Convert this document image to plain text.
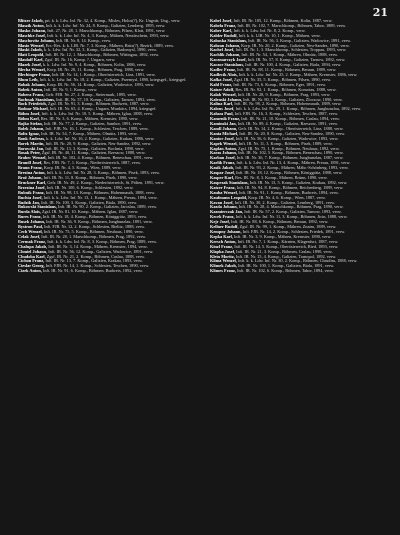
21

Blitzer Jakob, pri. k. k. Ldw. Inf. Nr. 32, 4. Komp., Misles, Holos(?), Kr. Ungvár, Ung., verw.

Blaszik Anton, Inft. k. k. Ldw. Inf. Nr. 24, 8. Komp., Galizien, Lemberg, 1895, verw.

Blasko Johann, Inft. 27, Nr. 28, 1. Marschkomp., Böhmen, Pilsen, Klatt, 1891, verw.

Blaschke Josef, Inft. k. k. Ldw. Inf. Nr. 4, 3. Komp., Mähren, Neutitschein, 1893, verw.

Blaschovitz Johann, Inft. IR. Nr. 8, 14. Komp., verw.

Blasio Wenzel, Ers.-Res. k. k. LIR. Nr. 7, 3. Komp., Mähren, Brüx(?), Bezirk, 1889, verw.

Blaski Jakob, k. k. Ldw. Inf. Nr. 32, 3. Komp., Galizien, Radomysl, 1890, verw.

Blatt Leopold, Inft. IR. Nr. 12, 1. Marschkomp., Böhmen, Wittingau, 1892, verw.

Blaulaff Karl, Zgsf. IR. Nr. 16, Komp. ?, Ungarn, verw.

Blazek Josef, k. k. Ldw. Inf. Nr. 9, 4. Komp., Böhmen, Kolin, 1886, verw.

Blecha Wenzel, Korp. IR. Nr. 28, 11. Komp., Böhmen, Prag, 1888, verw.

Blechinger Franz, Inft. IR. Nr. 14, 1. Komp., Oberösterreich, Linz, 1891, verw.

Blum Leib, Inft. k. k. Ldw. Inf. Nr. 18, 2. Komp., Galizien, Przemysl, 1890, kriegsgef., kriegsgef.

Bobak Johann, Korp. IR. Nr. 56, 14. Komp., Galizien, Wadowice, 1893, verw.

Bobek Anton, Inft. IR. Nr. 9, 1. Komp., verw.

Bobera Franz, Gefr. FJB. Nr. 27, 2. Komp., Steiermark, 1895, verw.

Bochnak Stanislaus, Inft. IR. Nr. 57, 10. Komp., Galizien, Tarnow, 1892, verw.

Bock Friedrich, Zgsf. IR. Nr. 91, 3. Komp., Böhmen, Budweis, 1887, verw.

Bodnar Michael, Inft. IR. Nr. 65, 4. Komp., Ungarn, Munkács, 1894, kriegsgef.

Böhm Josef, Inft. k. k. Ldw. Inf. Nr. 10, 5. Komp., Mähren, Iglau, 1888, verw.

Böhm Karl, Res. IR. Nr. 3, 6. Komp., Mähren, Kremsier, 1890, verw.

Bojko Stefan, Inft. IR. Nr. 77, 2. Komp., Galizien, Sambor, 1891, verw.

Bolek Johann, Inft. FJB. Nr. 16, 1. Komp., Schlesien, Teschen, 1889, verw.

Boltz Ignaz, Inft. IR. Nr. 54, 7. Komp., Mähren, Olmütz, 1893, verw.

Bonk Andreas, k. k. Ldw. Inf. Nr. 16, 2. Komp., Galizien, Krakau, 1886, verw.

Borek Martin, Inft. IR. Nr. 20, 9. Komp., Galizien, Neu-Sandez, 1892, verw.

Borowski Jan, Inft. IR. Nr. 13, 3. Komp., Galizien, Bochnia, 1890, verw.

Bosak Peter, Zgsf. IR. Nr. 40, 11. Komp., Galizien, Rzeszow, 1888, verw.

Brabec Wenzel, Inft. IR. Nr. 102, 4. Komp., Böhmen, Beneschau, 1891, verw.

Brandl Josef, Res. FJB. Nr. 7, 1. Komp., Niederösterreich, 1887, verw.

Braun Franz, Korp. IR. Nr. 4, 5. Komp., Wien, 1889, verw.

Brezina Anton, Inft. k. k. Ldw. Inf. Nr. 28, 3. Komp., Böhmen, Pisek, 1893, verw.

Brož Johann, Inft. IR. Nr. 11, 8. Komp., Böhmen, Pisek, 1890, verw.

Bruckner Karl, Gefr. IR. Nr. 49, 2. Komp., Niederösterreich, St. Pölten, 1891, verw.

Brzezina Josef, Inft. IR. Nr. 100, 6. Komp., Schlesien, 1892, verw.

Bubnik Franz, Inft. IR. Nr. 98, 13. Komp., Böhmen, Hohenmauth, 1888, verw.

Buchta Josef, Inft. k. k. Ldw. Inf. Nr. 13, 1. Komp., Mähren, Prerau, 1894, verw.

Budzik Jan, Inft. IR. Nr. 100, 3. Komp., Galizien, Biala, 1890, verw.

Bukowski Stanislaus, Inft. IR. Nr. 90, 2. Komp., Galizien, Jaroslau, 1889, verw.

Burda Alois, Zgsf. IR. Nr. 81, 10. Komp., Mähren, Iglau, 1887, verw.

Bures Franz, Inft. IR. Nr. 18, 4. Komp., Böhmen, Königgrätz, 1893, verw.

Busek Johann, Inft. IR. Nr. 36, 9. Komp., Böhmen, Jungbunzlau, 1891, verw.

Bystron Paul, Inft. FJB. Nr. 12, 2. Komp., Schlesien, Bielitz, 1888, verw.

Cech Wenzel, Inft. IR. Nr. 75, 5. Komp., Böhmen, Neuhaus, 1890, verw.

Celak Josef, Inft. IR. Nr. 28, 1. Marschkomp., Böhmen, Prag, 1892, verw.

Cermak Franz, Inft. k. k. Ldw. Inf. Nr. 8, 3. Komp., Böhmen, Prag, 1889, verw.

Chalupa Jakob, Inft. IR. Nr. 3, 14. Komp., Mähren, Kremsier, 1894, verw.

Chmiel Johann, Inft. IR. Nr. 56, 12. Komp., Galizien, Wadowice, 1891, verw.

Chudoba Karl, Zgsf. IR. Nr. 21, 2. Komp., Böhmen, Caslau, 1888, verw.

Cichon Franz, Inft. IR. Nr. 13, 7. Komp., Galizien, Krakau, 1893, verw.

Cieslar Georg, Inft. FJB. Nr. 14, 1. Komp., Schlesien, Teschen, 1890, verw.

Cizek Anton, Inft. IR. Nr. 91, 6. Komp., Böhmen, Budweis, 1892, verw.

Kabel Josef, Inft. IR. Nr. 105, 12. Komp., Böhmen, Kolin, 1887, verw.

Kabela Franz, Inft. IR. Nr. 102, 7. Marschkomp., Böhmen, Tabor, 1889, verw.

Kaber Karl, Inft. k. k. Ldw. Inf. Nr. 8, 2. Komp., verw.

Kabler Rudolf, Inft. k. k. LIR. Nr. 10, 1. Komp., Mähren, verw.

Kaboska Stanislaus, Inft. IR. Nr. 56, 3. Komp., Galizien, Wadowice, 1891, verw.

Kabzan Johann, Korp. IR. Nr. 20, 2. Komp., Galizien, Neu-Sandez, 1890, verw.

Kachel Josef, Inft. IR. Nr. 1, 3. Marschkomp., Schlesien, Troppau, 1893, verw.

Kachlik Johann, Inft. IR. Nr. 54, 1. Komp., Mähren, Olmütz, 1888, verw.

Kaczmarczyk Josef, Inft. IR. Nr. 57, 8. Komp., Galizien, Tarnow, 1892, verw.

Kaczor Stanislaus, Inft. IR. Nr. 100, 4. Komp., Galizien, Biala, 1894, verw.

Kadlec Franz, Inft. IR. Nr. 88, 11. Komp., Böhmen, Beraun, 1889, verw.

Kadlecik Alois, Inft. k. k. Ldw. Inf. Nr. 25, 2. Komp., Mähren, Kremsier, 1886, verw.

Kafka Josef, Zgsf. IR. Nr. 35, 5. Komp., Böhmen, Pilsen, 1890, verw.

Kahl Franz, Inft. IR. Nr. 73, 6. Komp., Böhmen, Eger, 1891, verw.

Kaiser Adolf, Res. IR. Nr. 92, 1. Komp., Böhmen, Komotau, 1888, verw.

Kalab Wenzel, Inft. IR. Nr. 28, 9. Komp., Böhmen, Prag, 1893, verw.

Kalenski Johann, Inft. IR. Nr. 80, 3. Komp., Galizien, Zloczow, 1890, verw.

Kalina Karl, Inft. IR. Nr. 98, 2. Komp., Böhmen, Hohenmauth, 1889, verw.

Kalous Josef, Inft. k. k. Ldw. Inf. Nr. 29, 1. Komp., Böhmen, Jungbunzlau, 1892, verw.

Kaluza Paul, Inft. FJB. Nr. 16, 3. Komp., Schlesien, Teschen, 1887, verw.

Kamenik Franz, Inft. IR. Nr. 21, 10. Komp., Böhmen, Caslau, 1894, verw.

Kaminski Jan, Inft. IR. Nr. 89, 4. Komp., Galizien, Rzeszow, 1891, verw.

Kandl Johann, Gefr. IR. Nr. 14, 2. Komp., Oberösterreich, Linz, 1888, verw.

Kania Michael, Inft. IR. Nr. 20, 8. Komp., Galizien, Neu-Sandez, 1890, verw.

Kantor Josef, Inft. IR. Nr. 56, 6. Komp., Galizien, Wadowice, 1893, verw.

Kapek Wenzel, Inft. IR. Nr. 11, 3. Komp., Böhmen, Pisek, 1889, verw.

Kaplan Anton, Zgsf. IR. Nr. 75, 1. Komp., Böhmen, Neuhaus, 1892, verw.

Karas Johann, Inft. IR. Nr. 102, 5. Komp., Böhmen, Beneschau, 1890, verw.

Karban Josef, Inft. IR. Nr. 36, 7. Komp., Böhmen, Jungbunzlau, 1887, verw.

Karlik Franz, Inft. k. k. Ldw. Inf. Nr. 13, 4. Komp., Mähren, Prerau, 1891, verw.

Kasik Jakob, Inft. IR. Nr. 93, 2. Komp., Mähren, Mähr.-Schönberg, 1893, verw.

Kaspar Josef, Inft. IR. Nr. 18, 12. Komp., Böhmen, Königgrätz, 1888, verw.

Kasper Karl, Res. IR. Nr. 8, 3. Komp., Mähren, Brünn, 1890, verw.

Kasprzak Stanislaus, Inft. IR. Nr. 13, 5. Komp., Galizien, Krakau, 1892, verw.

Katzer Franz, Inft. IR. Nr. 94, 8. Komp., Böhmen, Reichenberg, 1889, verw.

Kauba Wenzel, Inft. IR. Nr. 91, 1. Komp., Böhmen, Budweis, 1894, verw.

Kaufmann Leopold, Korp. IR. Nr. 4, 6. Komp., Wien, 1887, verw.

Kavan Josef, Inft. IR. Nr. 30, 2. Komp., Galizien, Lemberg, 1891, verw.

Kazda Johann, Inft. IR. Nr. 28, 4. Marschkomp., Böhmen, Prag, 1890, verw.

Kazmierczak Jan, Inft. IR. Nr. 57, 2. Komp., Galizien, Tarnow, 1893, verw.

Kecek Franz, Inft. k. k. Ldw. Inf. Nr. 11, 3. Komp., Böhmen, Jicin, 1888, verw.

Kejr Josef, Inft. IR. Nr. 88, 6. Komp., Böhmen, Beraun, 1892, verw.

Kellner Rudolf, Zgsf. IR. Nr. 99, 1. Komp., Mähren, Znaim, 1889, verw.

Kempny Johann, Inft. FJB. Nr. 14, 2. Komp., Schlesien, Friedek, 1891, verw.

Kepka Karl, Inft. IR. Nr. 3, 9. Komp., Mähren, Kremsier, 1890, verw.

Kersch Anton, Inft. IR. Nr. 7, 1. Komp., Kärnten, Klagenfurt, 1887, verw.

Kinzl Franz, Inft. IR. Nr. 14, 5. Komp., Oberösterreich, Ried, 1893, verw.

Klapka Josef, Inft. IR. Nr. 21, 3. Komp., Böhmen, Caslau, 1890, verw.

Klein Moritz, Inft. IR. Nr. 15, 4. Komp., Galizien, Tarnopol, 1892, verw.

Klima Wenzel, Inft. k. k. Ldw. Inf. Nr. 30, 2. Komp., Böhmen, Chrudim, 1888, verw.

Klimek Jakob, Inft. IR. Nr. 100, 1. Komp., Galizien, Biala, 1891, verw.

Klimes Franz, Inft. IR. Nr. 102, 6. Komp., Böhmen, Tabor, 1894, verw.
